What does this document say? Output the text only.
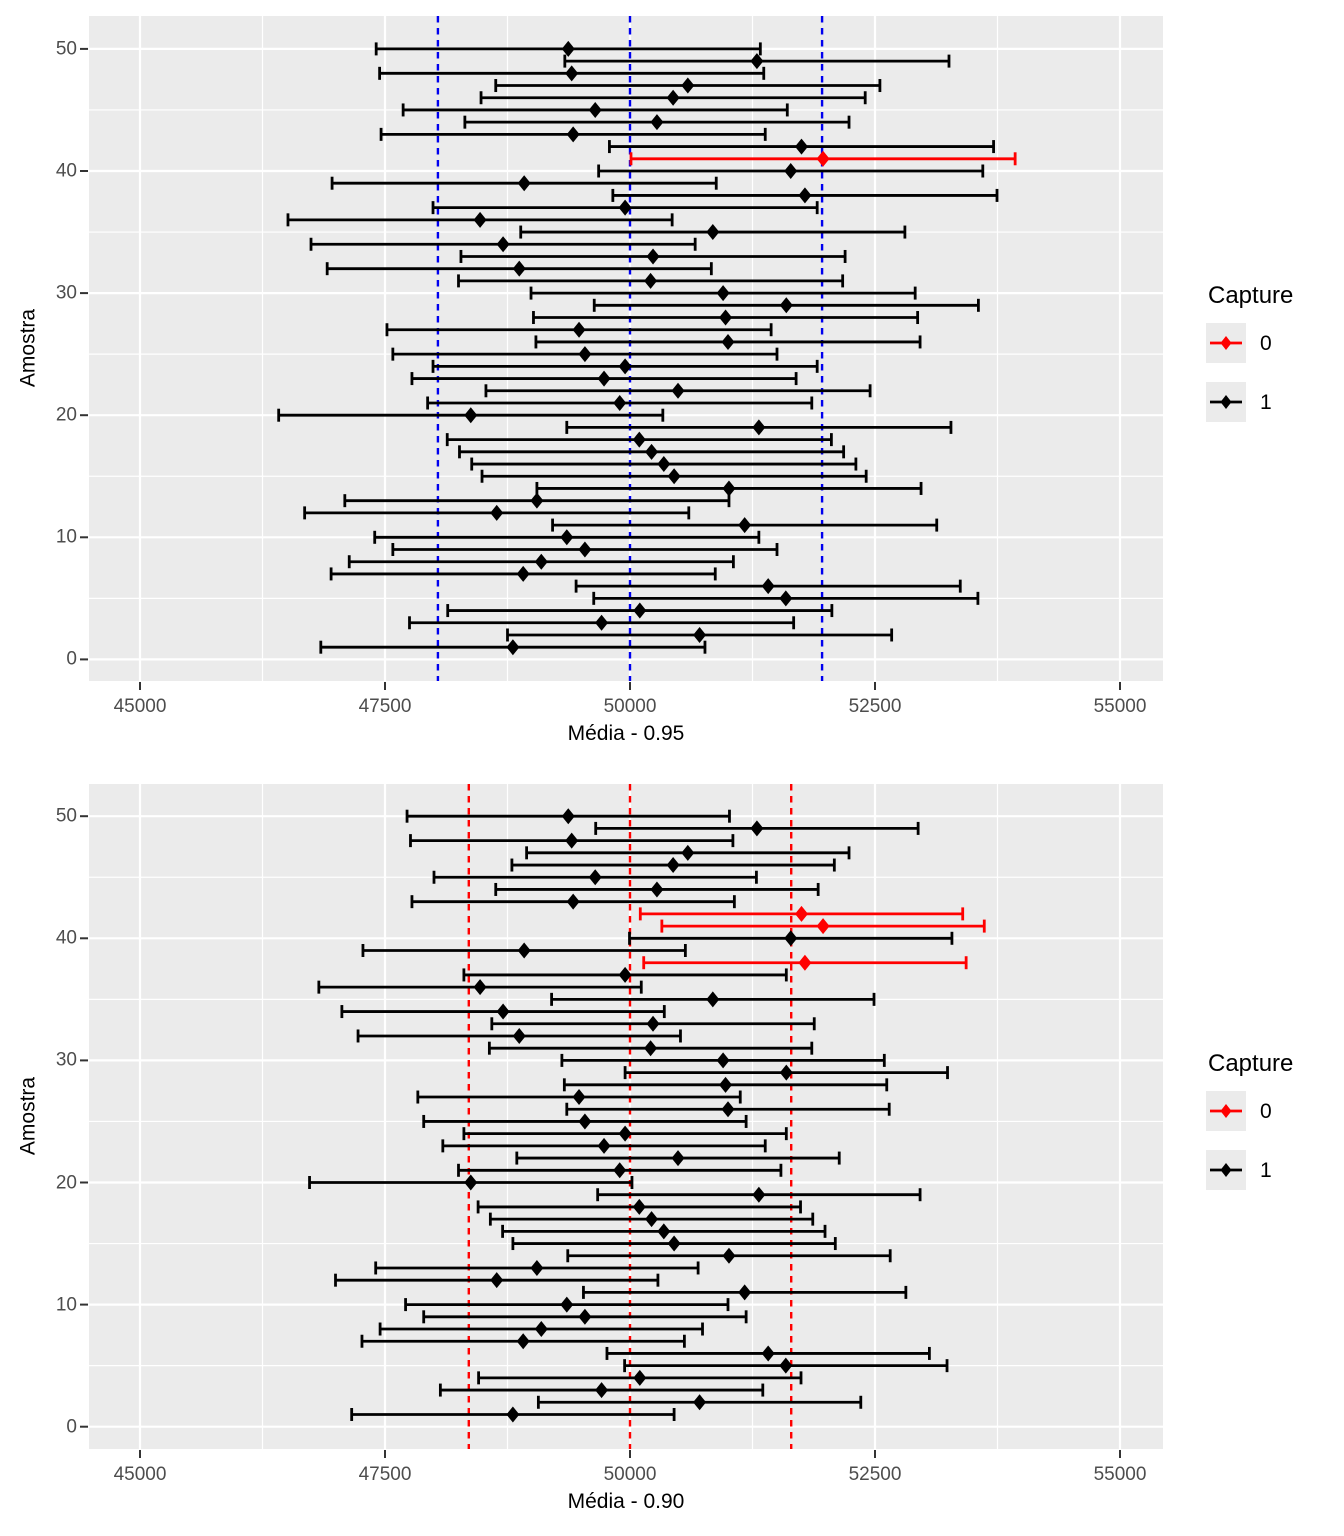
45000	47500	50000	52500	55000
0
10
20
30
40
50
45000	47500	50000	52500	55000
0
10
20
30
40
50
Média - 0.95
Média - 0.90
Amostra
Amostra
Capture
0
1
Capture
0
1
